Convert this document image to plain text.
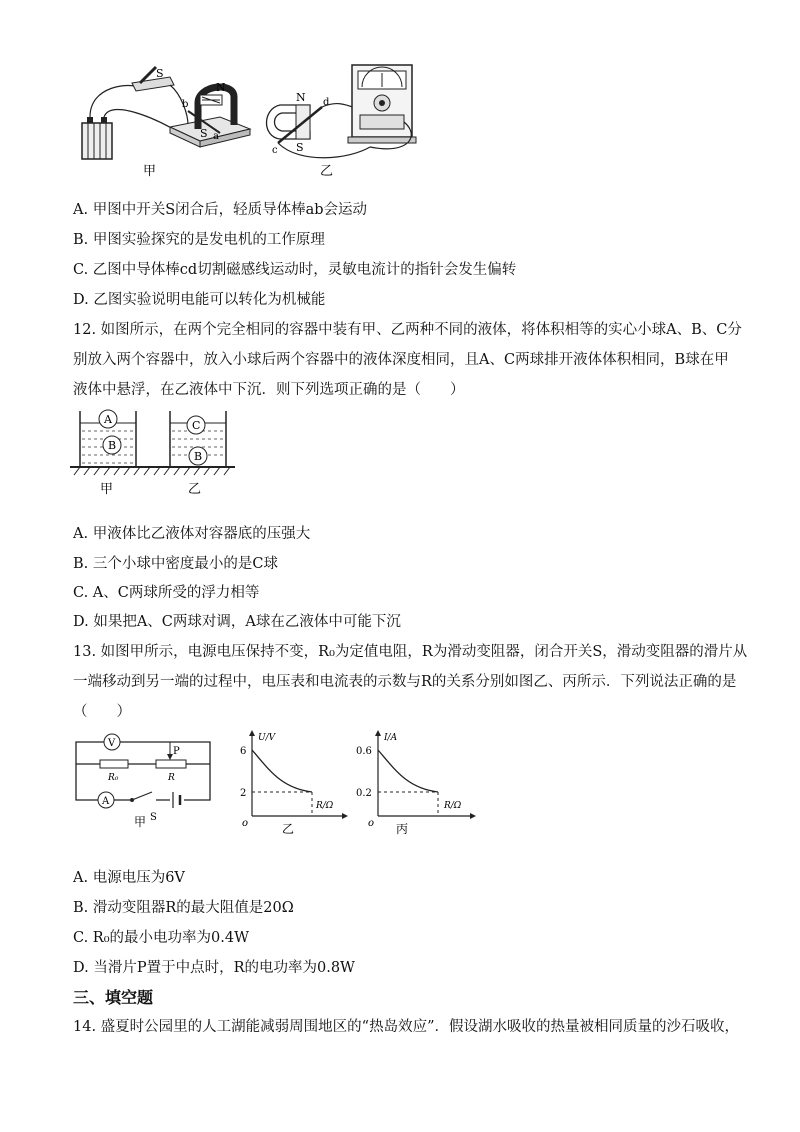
S
N
b
S a
甲
N
S
d
c
乙
A. 甲图中开关S闭合后，轻质导体棒ab会运动
B. 甲图实验探究的是发电机的工作原理
C. 乙图中导体棒cd切割磁感线运动时，灵敏电流计的指针会发生偏转
D. 乙图实验说明电能可以转化为机械能
12. 如图所示，在两个完全相同的容器中装有甲、乙两种不同的液体，将体积相等的实心小球A、B、C分
别放入两个容器中，放入小球后两个容器中的液体深度相同，且A、C两球排开液体体积相同，B球在甲
液体中悬浮，在乙液体中下沉．则下列选项正确的是（　　）
A
B
C
B
甲	乙
A. 甲液体比乙液体对容器底的压强大
B. 三个小球中密度最小的是C球
C. A、C两球所受的浮力相等
D. 如果把A、C两球对调，A球在乙液体中可能下沉
13. 如图甲所示，电源电压保持不变，R₀为定值电阻，R为滑动变阻器，闭合开关S，滑动变阻器的滑片从
一端移动到另一端的过程中，电压表和电流表的示数与R的关系分别如图乙、丙所示．下列说法正确的是
（　　）
V
R₀
P
R
A
甲 S
U/V
R/Ω
6
2
o	乙
I/A
R/Ω
0.6
0.2
o 丙
A. 电源电压为6V
B. 滑动变阻器R的最大阻值是20Ω
C. R₀的最小电功率为0.4W
D. 当滑片P置于中点时，R的电功率为0.8W
三、填空题
14. 盛夏时公园里的人工湖能减弱周围地区的“热岛效应”．假设湖水吸收的热量被相同质量的沙石吸收，
